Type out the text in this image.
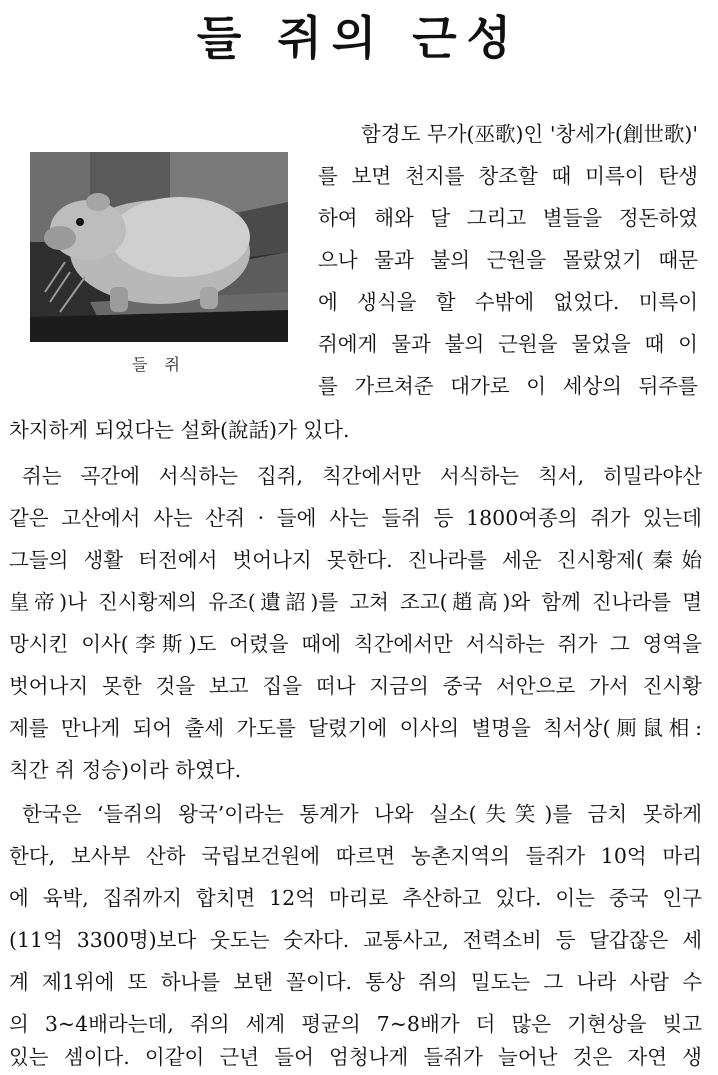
들 쥐의 근성
들 쥐
함경도 무가(巫歌)인 '창세가(創世歌)'
를 보면 천지를 창조할 때 미륵이 탄생
하여 해와 달 그리고 별들을 정돈하였
으나 물과 불의 근원을 몰랐었기 때문
에 생식을 할 수밖에 없었다. 미륵이
쥐에게 물과 불의 근원을 물었을 때 이
를 가르쳐준 대가로 이 세상의 뒤주를
차지하게 되었다는 설화(說話)가 있다.
쥐는 곡간에 서식하는 집쥐, 칙간에서만 서식하는 칙서, 히밀라야산
같은 고산에서 사는 산쥐 · 들에 사는 들쥐 등 1800여종의 쥐가 있는데
그들의 생활 터전에서 벗어나지 못한다. 진나라를 세운 진시황제(秦始
皇帝)나 진시황제의 유조(遺詔)를 고쳐 조고(趙高)와 함께 진나라를 멸
망시킨 이사(李斯)도 어렸을 때에 칙간에서만 서식하는 쥐가 그 영역을
벗어나지 못한 것을 보고 집을 떠나 지금의 중국 서안으로 가서 진시황
제를 만나게 되어 출세 가도를 달렸기에 이사의 별명을 칙서상(厠鼠相:
칙간 쥐 정승)이라 하였다.
한국은 ‘들쥐의 왕국’이라는 통계가 나와 실소(失笑)를 금치 못하게
한다, 보사부 산하 국립보건원에 따르면 농촌지역의 들쥐가 10억 마리
에 육박, 집쥐까지 합치면 12억 마리로 추산하고 있다. 이는 중국 인구
(11억 3300명)보다 웃도는 숫자다. 교통사고, 전력소비 등 달갑잖은 세
계 제1위에 또 하나를 보탠 꼴이다. 통상 쥐의 밀도는 그 나라 사람 수
의 3~4배라는데, 쥐의 세계 평균의 7~8배가 더 많은 기현상을 빚고
있는 셈이다. 이같이 근년 들어 엄청나게 들쥐가 늘어난 것은 자연 생
